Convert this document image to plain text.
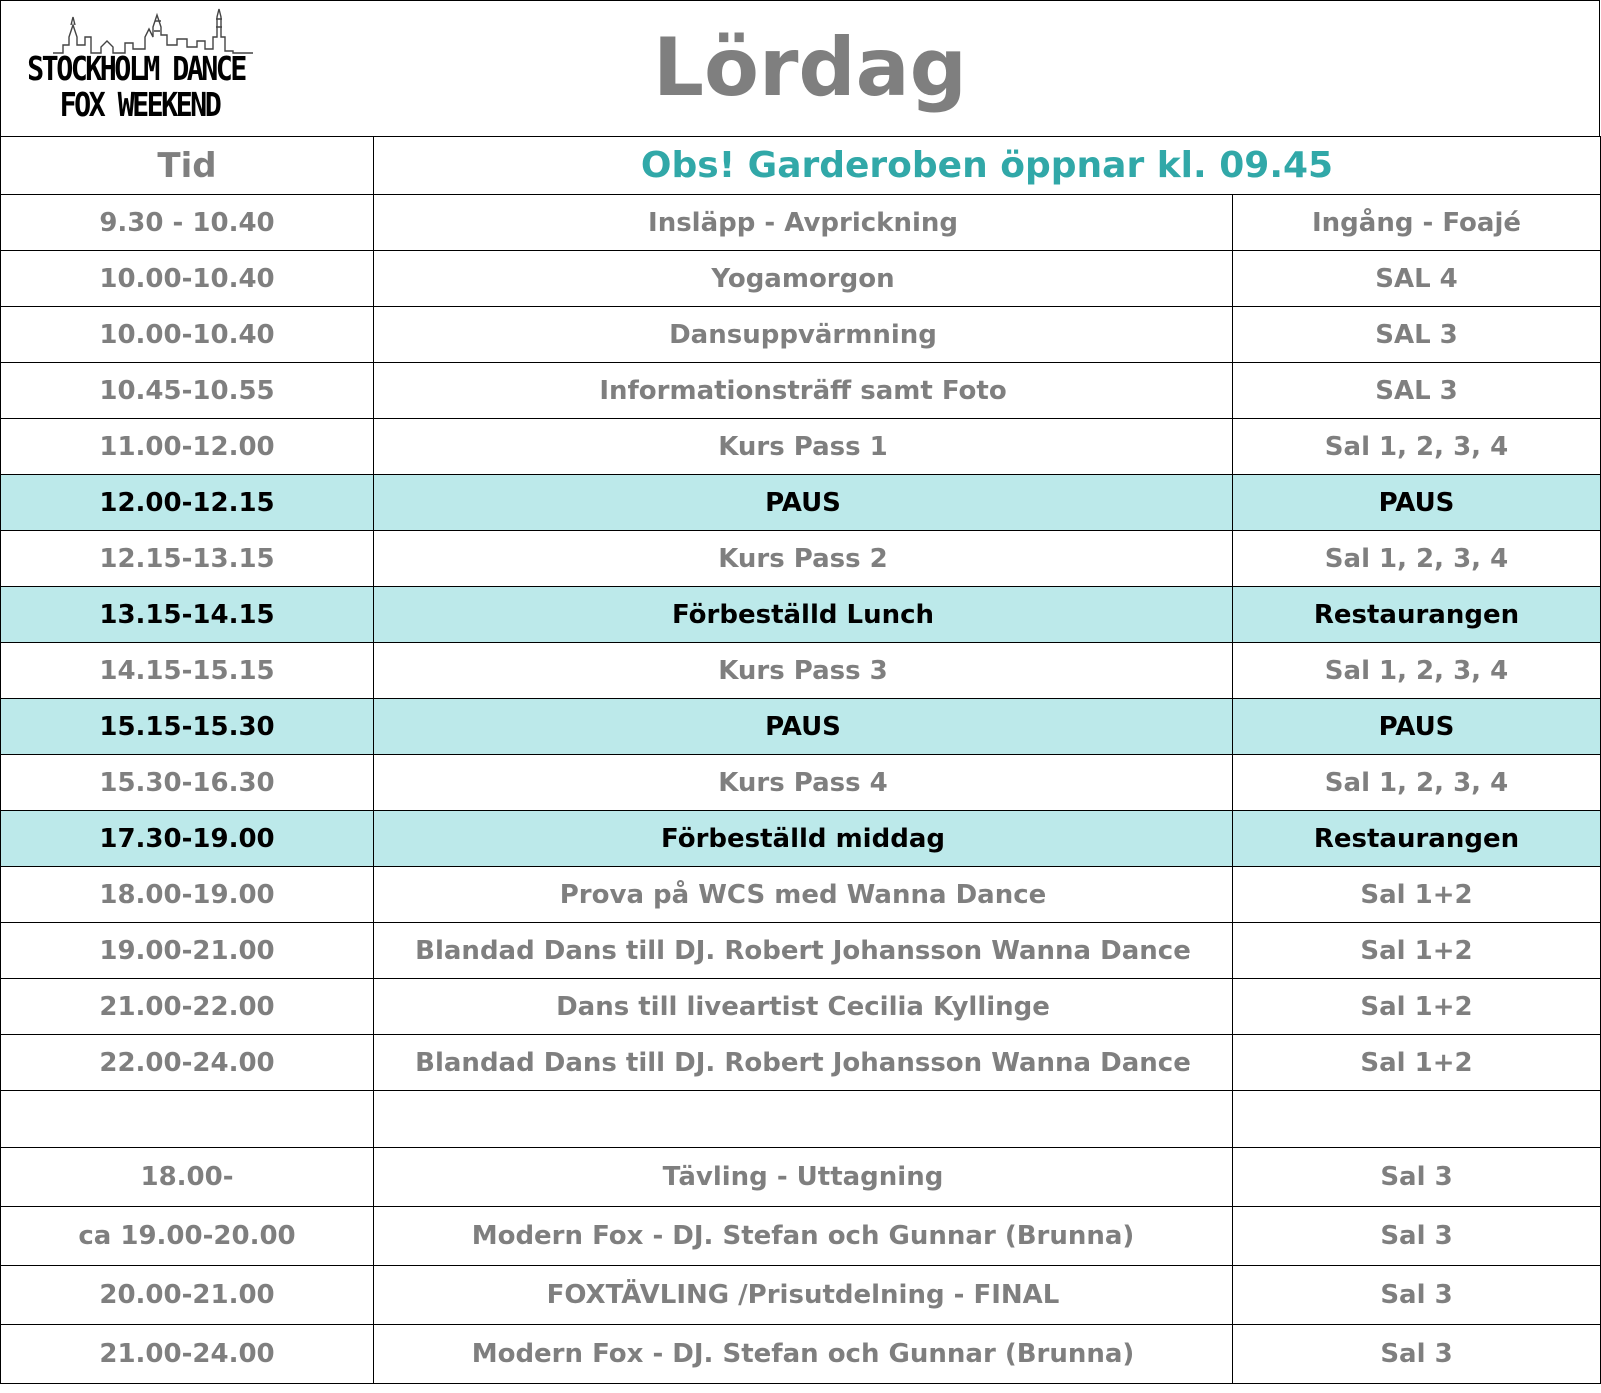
STOCKHOLM DANCE
FOX WEEKEND	Lördag
Tid	Obs! Garderoben öppnar kl. 09.45	
9.30 - 10.40	Insläpp - Avprickning	Ingång - Foajé
10.00-10.40	Yogamorgon	SAL 4
10.00-10.40	Dansuppvärmning	SAL 3
10.45-10.55	Informationsträff samt Foto	SAL 3
11.00-12.00	Kurs Pass 1	Sal 1, 2, 3, 4
12.00-12.15	PAUS	PAUS
12.15-13.15	Kurs Pass 2	Sal 1, 2, 3, 4
13.15-14.15	Förbeställd Lunch	Restaurangen
14.15-15.15	Kurs Pass 3	Sal 1, 2, 3, 4
15.15-15.30	PAUS	PAUS
15.30-16.30	Kurs Pass 4	Sal 1, 2, 3, 4
17.30-19.00	Förbeställd middag	Restaurangen
18.00-19.00	Prova på WCS med Wanna Dance	Sal 1+2
19.00-21.00	Blandad Dans till DJ. Robert Johansson Wanna Dance	Sal 1+2
21.00-22.00	Dans till liveartist Cecilia Kyllinge	Sal 1+2
22.00-24.00	Blandad Dans till DJ. Robert Johansson Wanna Dance	Sal 1+2

18.00-	Tävling - Uttagning	Sal 3
ca 19.00-20.00	Modern Fox - DJ. Stefan och Gunnar (Brunna)	Sal 3
20.00-21.00	FOXTÄVLING /Prisutdelning - FINAL	Sal 3
21.00-24.00	Modern Fox - DJ. Stefan och Gunnar (Brunna)	Sal 3
